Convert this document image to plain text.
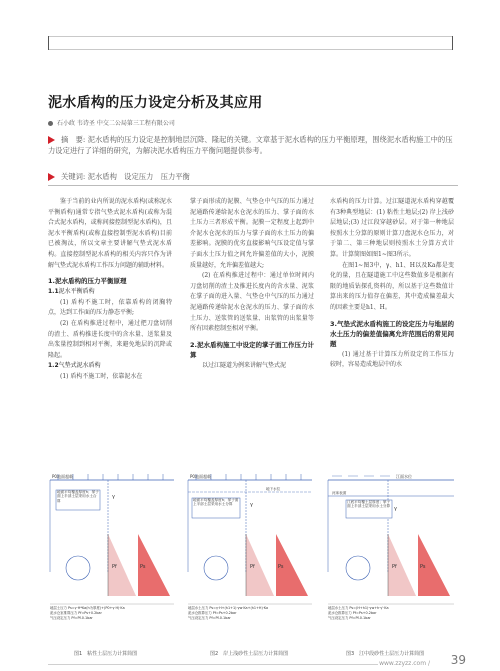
泥水盾构的压力设定分析及其应用
石小政 韦诗圣 中交二公局第三工程有限公司
摘　要: 泥水盾构的压力设定是控制地层沉降、隆起的关键。文章基于泥水盾构的压力平衡原理，围绕泥水盾构施工中的压力设定进行了详细的研究，为解决泥水盾构压力平衡问题提供参考。
关键词: 泥水盾构　设定压力　压力平衡

鉴于当前的业内所说的泥水盾构(或称泥水平衡盾构)通常专指气垫式泥水盾构(或称为混合式泥水盾构，或称间接控制型泥水盾构)，且泥水平衡盾构(或称直接控制型泥水盾构)目前已被淘汰，所以文章主要讲解气垫式泥水盾构。直接控制型泥水盾构的相关内容只作为讲解气垫式泥水盾构工作压力问题的辅助材料。

1.泥水盾构的压力平衡原理
1.1泥水平衡盾构

(1) 盾构不施工时，依靠盾构的闭胸特点，达到工作面的压力静态平衡;

(2) 在盾构推进过程中，通过把刀盘切削的渣土、盾构推进长度中的含水量、送浆量及出浆量控制到相对平衡，来避免地层的沉降或隆起。

1.2气垫式泥水盾构

(1) 盾构不施工时，依靠泥水在

掌子面形成的泥膜、气垫仓中气压的压力通过泥通路传递给泥水仓泥水的压力、掌子面的水土压力三者形成平衡。泥膜一定程度上起到中介泥水仓泥水的压力与掌子面的水土压力的偏差影响。泥膜的优劣直接影响气压设定值与掌子面水土压力值之间允许偏差值的大小，泥膜质量越好，允许偏差值越大;

(2) 在盾构推进过程中：通过单位时间内刀盘切削的渣土及推进长度内的含水量、泥浆在掌子面的进入量、气垫仓中气压的压力通过泥通路传递给泥水仓泥水的压力、掌子面的水土压力、送浆管的送浆量、出浆管的出浆量等所有因素控制至相对平衡。

2.泥水盾构施工中设定的掌子面工作压力计算

以过江隧道为例来讲解气垫式泥

水盾构的压力计算。过江隧道泥水盾构穿越覆有3种典型地层：(1) 粘性土地层;(2) 岸上浅砂层地层;(3) 过江段穿越砂层。对于第一种地层按照水土分算的原则计算刀盘泥水仓压力，对于第二、第三种地层则按照水土分算方式计算。计算简图如图1~图3所示。

在图1~图3中，γ、h1、H以及Ka都是变化的量，且在隧道施工中这些数值多是根据有限的地质钻探孔资料的，所以基于这些数值计算出来的压力值存在偏差，其中造成偏差最大的因素主要是h1、H。

3.气垫式泥水盾构施工的设定压力与地层的水土压力的偏差值偏离允许范围后的常见问题

(1) 通过基于计算压力所设定的工作压力较时，容易造成地层中的水

P0地面超载
地面平均覆盖厚度h；掌子面上半部土层采用水土合算
γ
Ps
Pf
地层土压力 Ps=γ·H*Ka(h为厚度)+(P0+γ·H)·Ka
泥水仓室推算压力 Pf=Ps+0.2bar
气压设定压力 Pf=Pf-0.1bar
图1　粘性土层压力计算简图
P0地面超载
地下水位
地面平均覆盖厚度h；掌子面上半部土层采用水土分算	γ
Ps
Pf
地层水土压力 Ps=γ·H+(h1+1)·γw·Ka+(h1+H)·Ka
泥水仓推算压力 Pf=Ps+0.2bar
气压设定压力 Pf=Pf-0.1bar
图2　岸上浅砂性土层压力计算简图
江面水位
河床表面
江底平均覆土层厚度；掌子面上半部土层采用水土分算 γ
Ps
Pf
地层水土压力 Ps=(H+h1)·γw+h·γ'·Ka
泥水仓推算压力 Pf=Ps+0.2bar
气压设定压力 Pf=Pf-0.1bar
图3　江中段砂性土层压力计算简图
www.zzyzz.com / 39
